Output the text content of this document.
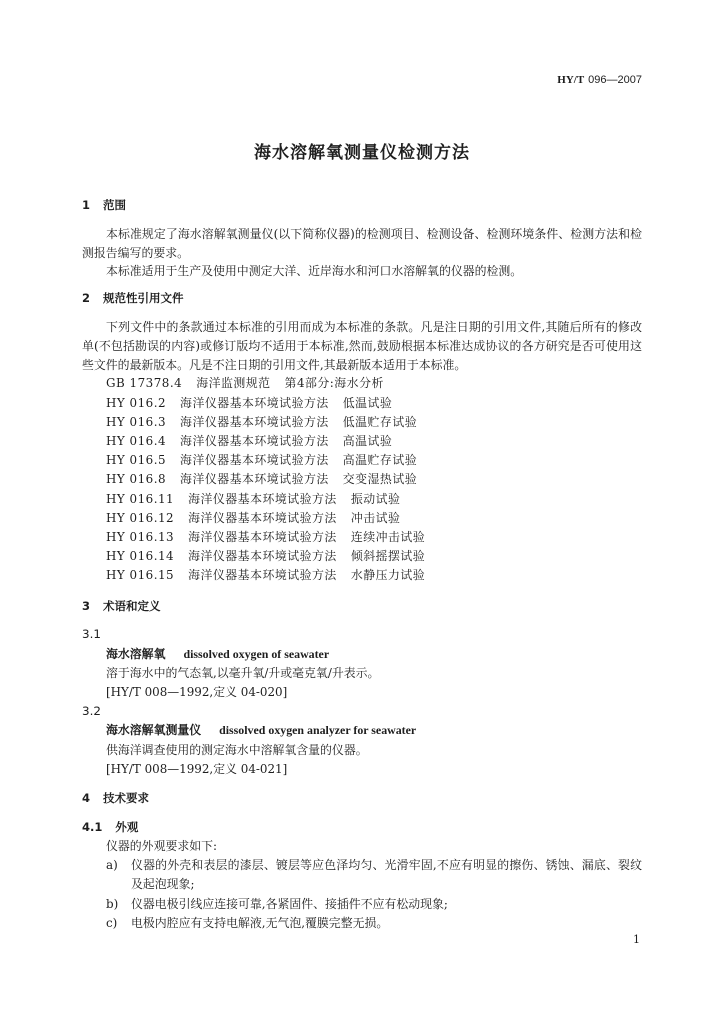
HY/T 096—2007
海水溶解氧测量仪检测方法
1 范围

本标准规定了海水溶解氧测量仪(以下简称仪器)的检测项目、检测设备、检测环境条件、检测方法和检测报告编写的要求。

本标准适用于生产及使用中测定大洋、近岸海水和河口水溶解氧的仪器的检测。

2 规范性引用文件

下列文件中的条款通过本标准的引用而成为本标准的条款。凡是注日期的引用文件,其随后所有的修改单(不包括勘误的内容)或修订版均不适用于本标准,然而,鼓励根据本标准达成协议的各方研究是否可使用这些文件的最新版本。凡是不注日期的引用文件,其最新版本适用于本标准。

GB 17378.4 海洋监测规范 第4部分:海水分析
HY 016.2 海洋仪器基本环境试验方法 低温试验
HY 016.3 海洋仪器基本环境试验方法 低温贮存试验
HY 016.4 海洋仪器基本环境试验方法 高温试验
HY 016.5 海洋仪器基本环境试验方法 高温贮存试验
HY 016.8 海洋仪器基本环境试验方法 交变湿热试验
HY 016.11 海洋仪器基本环境试验方法 振动试验
HY 016.12 海洋仪器基本环境试验方法 冲击试验
HY 016.13 海洋仪器基本环境试验方法 连续冲击试验
HY 016.14 海洋仪器基本环境试验方法 倾斜摇摆试验
HY 016.15 海洋仪器基本环境试验方法 水静压力试验
3 术语和定义
3.1
海水溶解氧 dissolved oxygen of seawater
溶于海水中的气态氧,以毫升氧/升或毫克氧/升表示。
[HY/T 008—1992,定义 04-020]
3.2
海水溶解氧测量仪 dissolved oxygen analyzer for seawater
供海洋调查使用的测定海水中溶解氧含量的仪器。
[HY/T 008—1992,定义 04-021]
4 技术要求
4.1 外观
仪器的外观要求如下:
a)	仪器的外壳和表层的漆层、镀层等应色泽均匀、光滑牢固,不应有明显的擦伤、锈蚀、漏底、裂纹及起泡现象;
b)	仪器电极引线应连接可靠,各紧固件、接插件不应有松动现象;
c)	电极内腔应有支持电解液,无气泡,覆膜完整无损。
1
